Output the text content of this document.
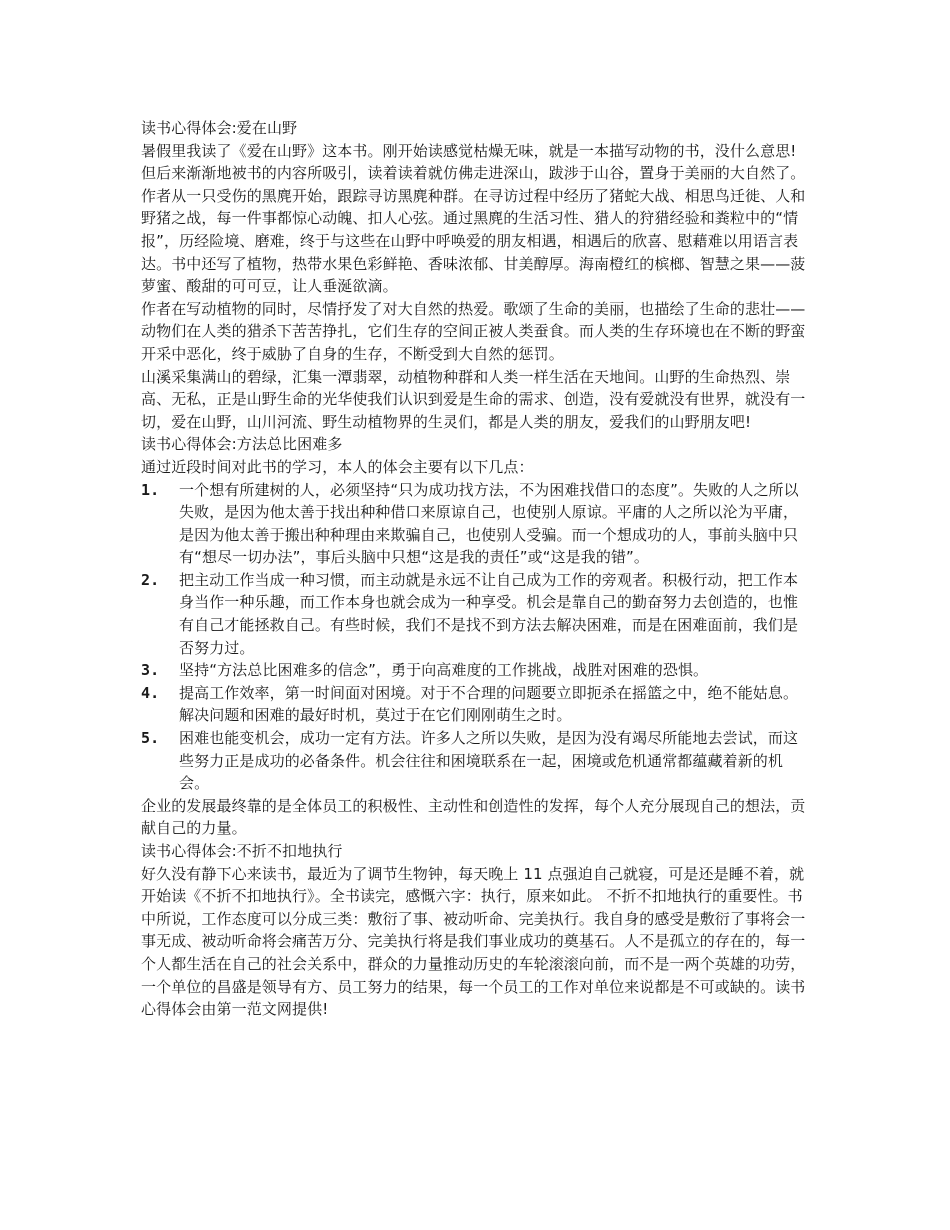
读书心得体会:爱在山野

暑假里我读了《爱在山野》这本书。刚开始读感觉枯燥无味，就是一本描写动物的书，没什么意思!但后来渐渐地被书的内容所吸引，读着读着就仿佛走进深山，跋涉于山谷，置身于美丽的大自然了。

作者从一只受伤的黑麂开始，跟踪寻访黑麂种群。在寻访过程中经历了猪蛇大战、相思鸟迁徙、人和野猪之战，每一件事都惊心动魄、扣人心弦。通过黑麂的生活习性、猎人的狩猎经验和粪粒中的“情报”，历经险境、磨难，终于与这些在山野中呼唤爱的朋友相遇，相遇后的欣喜、慰藉难以用语言表达。书中还写了植物，热带水果色彩鲜艳、香味浓郁、甘美醇厚。海南橙红的槟榔、智慧之果——菠萝蜜、酸甜的可可豆，让人垂涎欲滴。

作者在写动植物的同时，尽情抒发了对大自然的热爱。歌颂了生命的美丽，也描绘了生命的悲壮——动物们在人类的猎杀下苦苦挣扎，它们生存的空间正被人类蚕食。而人类的生存环境也在不断的野蛮开采中恶化，终于威胁了自身的生存，不断受到大自然的惩罚。

山溪采集满山的碧绿，汇集一潭翡翠，动植物种群和人类一样生活在天地间。山野的生命热烈、崇高、无私，正是山野生命的光华使我们认识到爱是生命的需求、创造，没有爱就没有世界，就没有一切，爱在山野，山川河流、野生动植物界的生灵们，都是人类的朋友，爱我们的山野朋友吧!

读书心得体会:方法总比困难多

通过近段时间对此书的学习，本人的体会主要有以下几点：

1.	一个想有所建树的人，必须坚持“只为成功找方法，不为困难找借口的态度”。失败的人之所以失败，是因为他太善于找出种种借口来原谅自己，也使别人原谅。平庸的人之所以沦为平庸，是因为他太善于搬出种种理由来欺骗自己，也使别人受骗。而一个想成功的人，事前头脑中只有“想尽一切办法”，事后头脑中只想“这是我的责任”或“这是我的错”。
2.	把主动工作当成一种习惯，而主动就是永远不让自己成为工作的旁观者。积极行动，把工作本身当作一种乐趣，而工作本身也就会成为一种享受。机会是靠自己的勤奋努力去创造的，也惟有自己才能拯救自己。有些时候，我们不是找不到方法去解决困难，而是在困难面前，我们是否努力过。
3.	坚持“方法总比困难多的信念”，勇于向高难度的工作挑战，战胜对困难的恐惧。
4.	提高工作效率，第一时间面对困境。对于不合理的问题要立即扼杀在摇篮之中，绝不能姑息。解决问题和困难的最好时机，莫过于在它们刚刚萌生之时。
5.	困难也能变机会，成功一定有方法。许多人之所以失败，是因为没有竭尽所能地去尝试，而这些努力正是成功的必备条件。机会往往和困境联系在一起，困境或危机通常都蕴藏着新的机会。

企业的发展最终靠的是全体员工的积极性、主动性和创造性的发挥，每个人充分展现自己的想法，贡献自己的力量。

读书心得体会:不折不扣地执行

好久没有静下心来读书，最近为了调节生物钟，每天晚上 11 点强迫自己就寝，可是还是睡不着，就开始读《不折不扣地执行》。全书读完，感慨六字：执行，原来如此。 不折不扣地执行的重要性。书中所说，工作态度可以分成三类：敷衍了事、被动听命、完美执行。我自身的感受是敷衍了事将会一事无成、被动听命将会痛苦万分、完美执行将是我们事业成功的奠基石。人不是孤立的存在的，每一个人都生活在自己的社会关系中，群众的力量推动历史的车轮滚滚向前，而不是一两个英雄的功劳，一个单位的昌盛是领导有方、员工努力的结果，每一个员工的工作对单位来说都是不可或缺的。读书心得体会由第一范文网提供!
